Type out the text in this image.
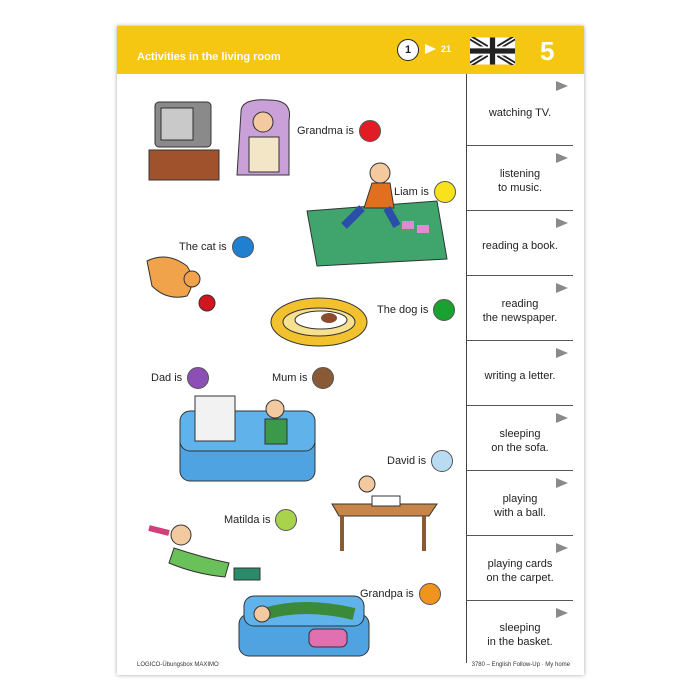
Activities in the living room
1	21	5
Grandma is
Liam is
The cat is
The dog is
Dad is	Mum is
David is
Matilda is
Grandpa is
watching TV.
listening
to music.
reading a book.
reading
the newspaper.
writing a letter.
sleeping
on the sofa.
playing
with a ball.
playing cards
on the carpet.
sleeping
in the basket.
LOGICO-Übungsbox MAXIMO	3780 – English Follow-Up · My home
